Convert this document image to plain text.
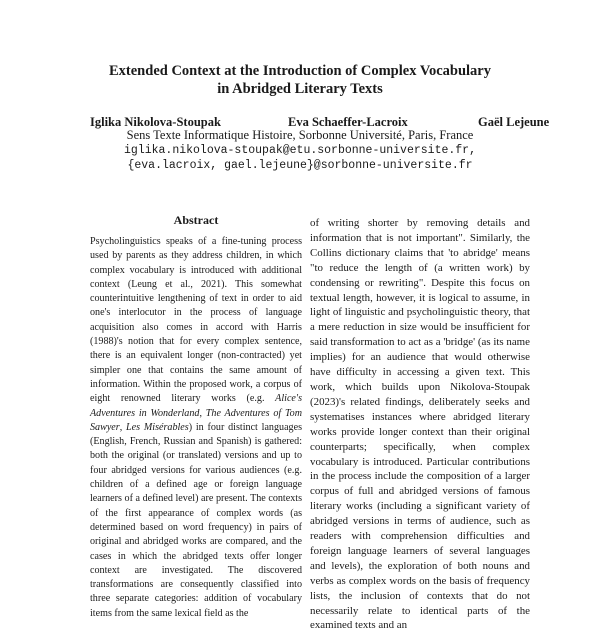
Extended Context at the Introduction of Complex Vocabulary
in Abridged Literary Texts
Iglika Nikolova-Stoupak	Eva Schaeffer-Lacroix	Gaël Lejeune
Sens Texte Informatique Histoire, Sorbonne Université, Paris, France
iglika.nikolova-stoupak@etu.sorbonne-universite.fr,
{eva.lacroix, gael.lejeune}@sorbonne-universite.fr
Abstract
Psycholinguistics speaks of a fine-tuning process used by parents as they address children, in which complex vocabulary is introduced with additional context (Leung et al., 2021). This somewhat counterintuitive lengthening of text in order to aid one's interlocutor in the process of language acquisition also comes in accord with Harris (1988)'s notion that for every complex sentence, there is an equivalent longer (non-contracted) yet simpler one that contains the same amount of information. Within the proposed work, a corpus of eight renowned literary works (e.g. Alice's Adventures in Wonderland, The Adventures of Tom Sawyer, Les Misérables) in four distinct languages (English, French, Russian and Spanish) is gathered: both the original (or translated) versions and up to four abridged versions for various audiences (e.g. children of a defined age or foreign language learners of a defined level) are present. The contexts of the first appearance of complex words (as determined based on word frequency) in pairs of original and abridged works are compared, and the cases in which the abridged texts offer longer context are investigated. The discovered transformations are consequently classified into three separate categories: addition of vocabulary items from the same lexical field as the
of writing shorter by removing details and information that is not important". Similarly, the Collins dictionary claims that 'to abridge' means "to reduce the length of (a written work) by condensing or rewriting". Despite this focus on textual length, however, it is logical to assume, in light of linguistic and psycholinguistic theory, that a mere reduction in size would be insufficient for said transformation to act as a 'bridge' (as its name implies) for an audience that would otherwise have difficulty in accessing a given text. This work, which builds upon Nikolova-Stoupak (2023)'s related findings, deliberately seeks and systematises instances where abridged literary works provide longer context than their original counterparts; specifically, when complex vocabulary is introduced. Particular contributions in the process include the composition of a larger corpus of full and abridged versions of famous literary works (including a significant variety of abridged versions in terms of audience, such as readers with comprehension difficulties and foreign language learners of several languages and levels), the exploration of both nouns and verbs as complex words on the basis of frequency lists, the inclusion of contexts that do not necessarily relate to identical parts of the examined texts and an
